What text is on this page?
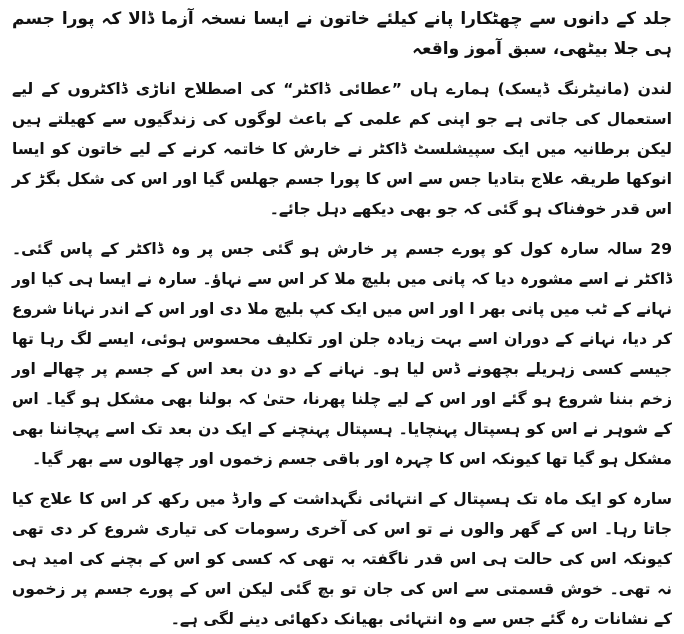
جلد کے دانوں سے چھٹکارا پانے کیلئے خاتون نے ایسا نسخہ آزما ڈالا کہ پورا جسم ہی جلا بیٹھی، سبق آموز واقعہ

لندن (مانیٹرنگ ڈیسک) ہمارے ہاں ”عطائی ڈاکٹر“ کی اصطلاح اناڑی ڈاکٹروں کے لیے استعمال کی جاتی ہے جو اپنی کم علمی کے باعث لوگوں کی زندگیوں سے کھیلتے ہیں لیکن برطانیہ میں ایک سپیشلسٹ ڈاکٹر نے خارش کا خاتمہ کرنے کے لیے خاتون کو ایسا انوکھا طریقہ علاج بتادیا جس سے اس کا پورا جسم جھلس گیا اور اس کی شکل بگڑ کر اس قدر خوفناک ہو گئی کہ جو بھی دیکھے دہل جائے۔

29 سالہ سارہ کول کو پورے جسم پر خارش ہو گئی جس پر وہ ڈاکٹر کے پاس گئی۔ ڈاکٹر نے اسے مشورہ دیا کہ پانی میں بلیچ ملا کر اس سے نہاؤ۔ سارہ نے ایسا ہی کیا اور نہانے کے ٹب میں پانی بھر ا اور اس میں ایک کپ بلیچ ملا دی اور اس کے اندر نہانا شروع کر دیا، نہانے کے دوران اسے بہت زیادہ جلن اور تکلیف محسوس ہوئی، ایسے لگ رہا تھا جیسے کسی زہریلے بچھونے ڈس لیا ہو۔ نہانے کے دو دن بعد اس کے جسم پر چھالے اور زخم بننا شروع ہو گئے اور اس کے لیے چلنا پھرنا، حتیٰ کہ بولنا بھی مشکل ہو گیا۔ اس کے شوہر نے اس کو ہسپتال پہنچایا۔ ہسپتال پہنچنے کے ایک دن بعد تک اسے پہچاننا بھی مشکل ہو گیا تھا کیونکہ اس کا چہرہ اور باقی جسم زخموں اور چھالوں سے بھر گیا۔

سارہ کو ایک ماہ تک ہسپتال کے انتہائی نگہداشت کے وارڈ میں رکھ کر اس کا علاج کیا جاتا رہا۔ اس کے گھر والوں نے تو اس کی آخری رسومات کی تیاری شروع کر دی تھی کیونکہ اس کی حالت ہی اس قدر ناگفتہ بہ تھی کہ کسی کو اس کے بچنے کی امید ہی نہ تھی۔ خوش قسمتی سے اس کی جان تو بچ گئی لیکن اس کے پورے جسم پر زخموں کے نشانات رہ گئے جس سے وہ انتہائی بھیانک دکھائی دینے لگی ہے۔
